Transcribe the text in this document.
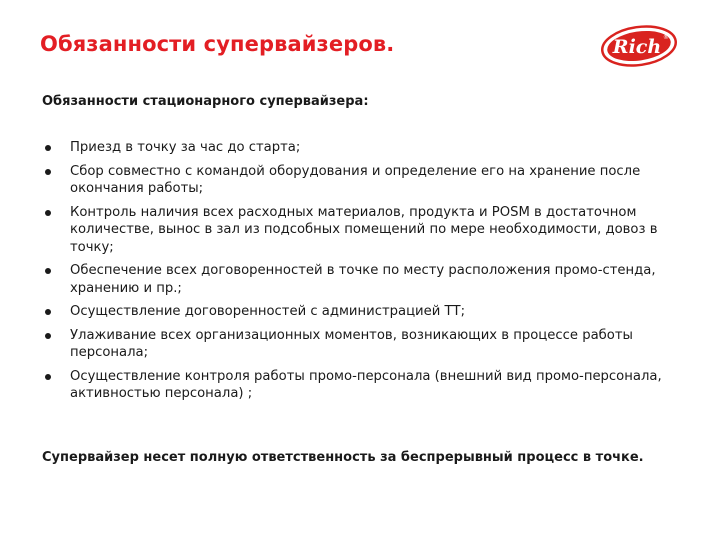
Обязанности супервайзеров.	Rich ®
Обязанности стационарного супервайзера:
Приезд в точку за час до старта;
Сбор совместно с командой оборудования и определение его на хранение после окончания работы;
Контроль наличия всех расходных материалов, продукта и POSM в достаточном количестве, вынос в зал из подсобных помещений по мере необходимости, довоз в точку;
Обеспечение всех договоренностей в точке по месту расположения промо-стенда, хранению и пр.;
Осуществление договоренностей с администрацией ТТ;
Улаживание всех организационных моментов, возникающих в процессе работы персонала;
Осуществление контроля работы промо-персонала (внешний вид промо-персонала, активностью персонала) ;
Супервайзер несет полную ответственность за беспрерывный процесс в точке.
